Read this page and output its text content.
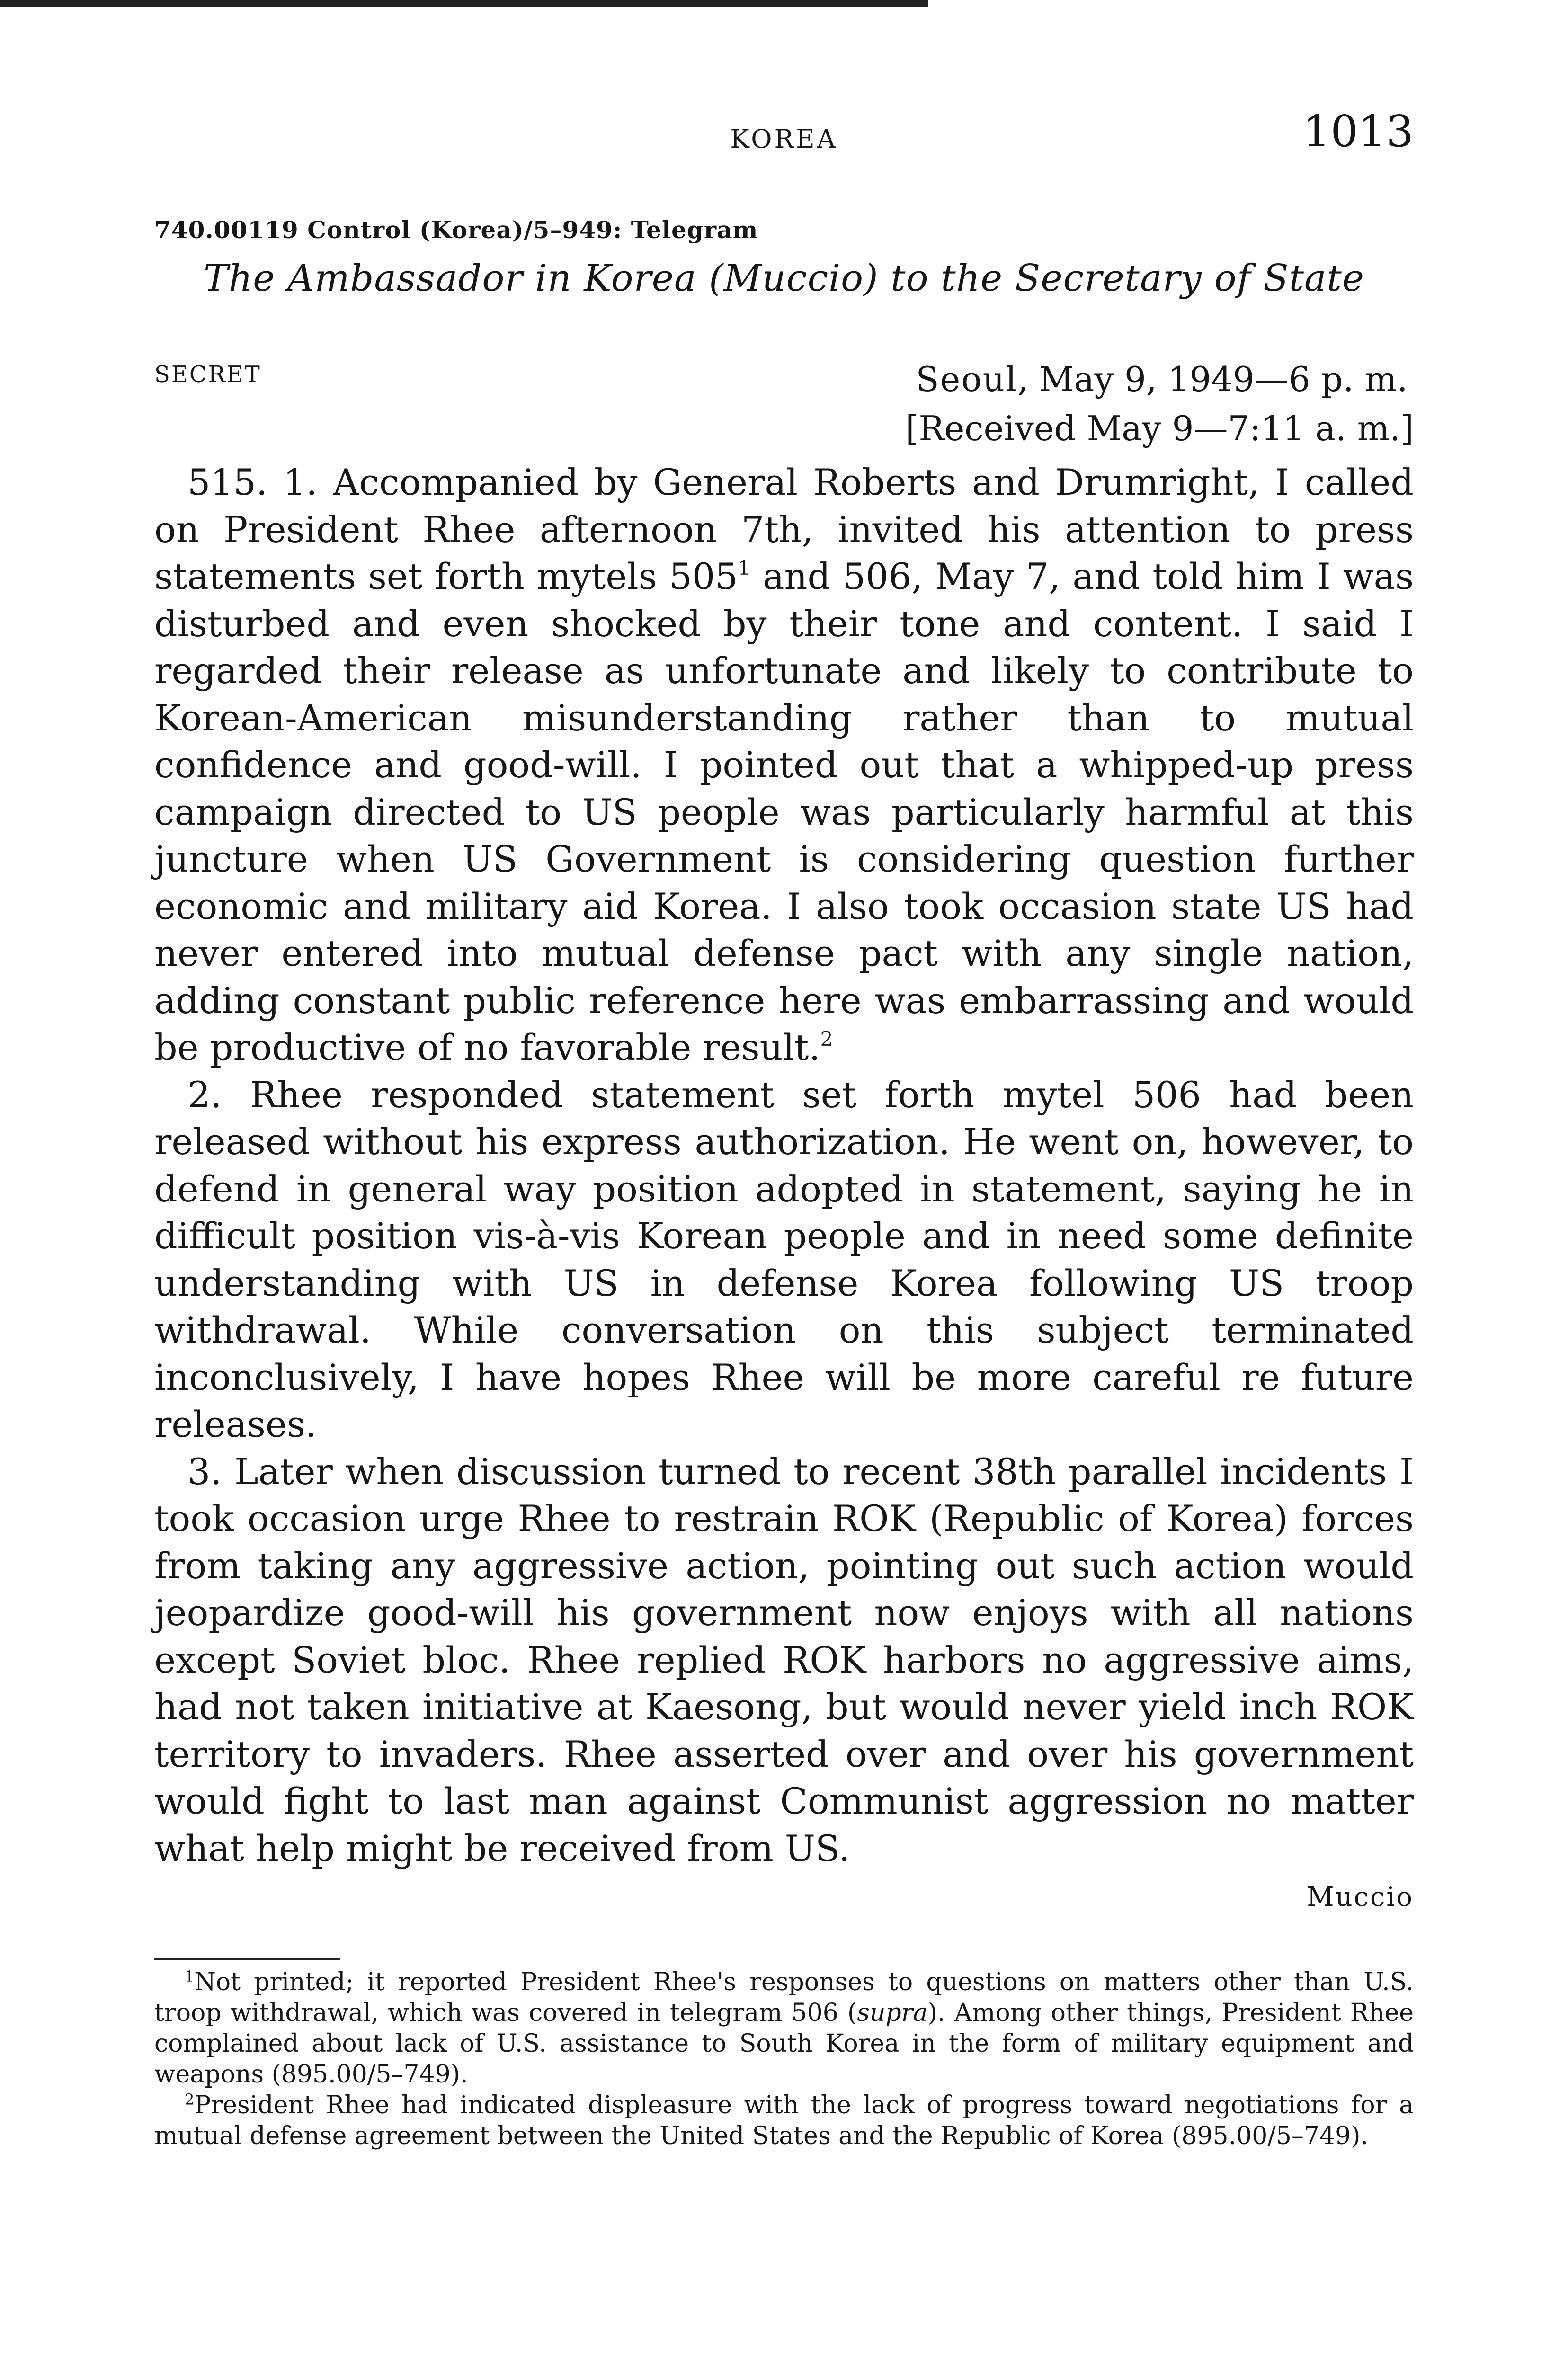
KOREA	1013
740.00119 Control (Korea)/5–949: Telegram
The Ambassador in Korea (Muccio) to the Secretary of State
SECRET	Seoul, May 9, 1949—6 p. m.
[Received May 9—7:11 a. m.]

515. 1. Accompanied by General Roberts and Drumright, I called on President Rhee afternoon 7th, invited his attention to press statements set forth mytels 505$^1$ and 506, May 7, and told him I was disturbed and even shocked by their tone and content. I said I regarded their release as unfortunate and likely to contribute to Korean-American misunderstanding rather than to mutual confidence and good-will. I pointed out that a whipped-up press campaign directed to US people was particularly harmful at this juncture when US Government is considering question further economic and military aid Korea. I also took occasion state US had never entered into mutual defense pact with any single nation, adding constant public reference here was embarrassing and would be productive of no favorable result.$^2$

2. Rhee responded statement set forth mytel 506 had been released without his express authorization. He went on, however, to defend in general way position adopted in statement, saying he in difficult position vis-à-vis Korean people and in need some definite understanding with US in defense Korea following US troop withdrawal. While conversation on this subject terminated inconclusively, I have hopes Rhee will be more careful re future releases.

3. Later when discussion turned to recent 38th parallel incidents I took occasion urge Rhee to restrain ROK (Republic of Korea) forces from taking any aggressive action, pointing out such action would jeopardize good-will his government now enjoys with all nations except Soviet bloc. Rhee replied ROK harbors no aggressive aims, had not taken initiative at Kaesong, but would never yield inch ROK territory to invaders. Rhee asserted over and over his government would fight to last man against Communist aggression no matter what help might be received from US.

Muccio

$^1$Not printed; it reported President Rhee's responses to questions on matters other than U.S. troop withdrawal, which was covered in telegram 506 (supra). Among other things, President Rhee complained about lack of U.S. assistance to South Korea in the form of military equipment and weapons (895.00/5–749).

$^2$President Rhee had indicated displeasure with the lack of progress toward negotiations for a mutual defense agreement between the United States and the Republic of Korea (895.00/5–749).
